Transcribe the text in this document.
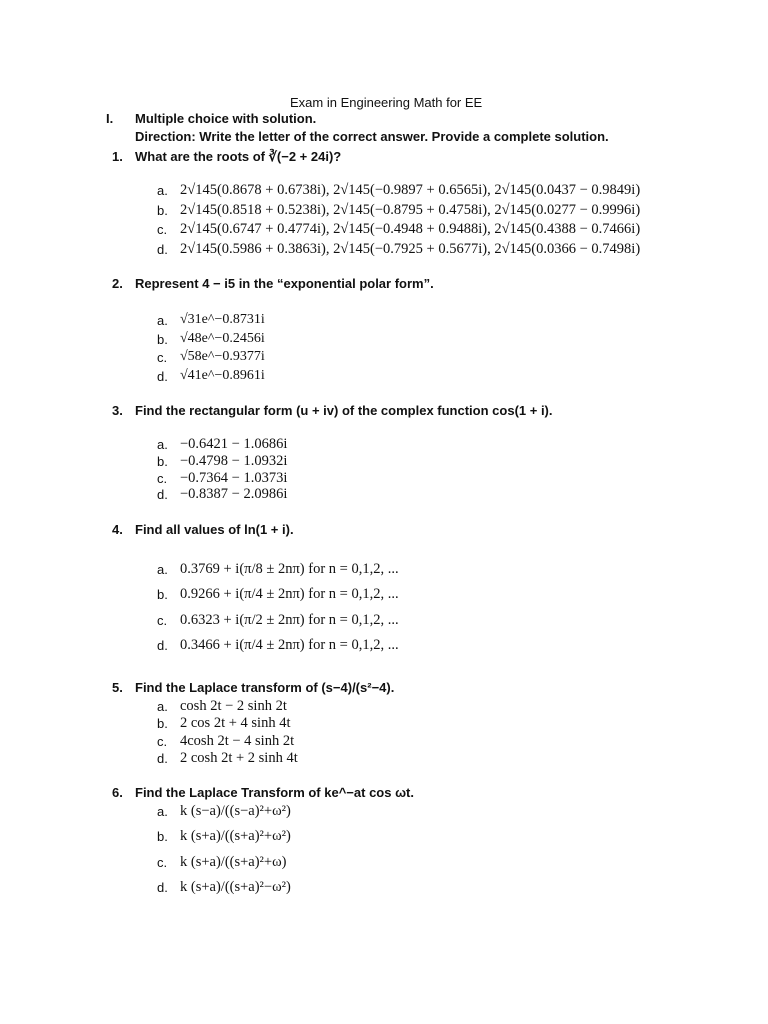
Exam in Engineering Math for EE
I. Multiple choice with solution.
Direction: Write the letter of the correct answer. Provide a complete solution.
1. What are the roots of ∛(−2 + 24i)?
a. 2√145(0.8678 + 0.6738i), 2√145(−0.9897 + 0.6565i), 2√145(0.0437 − 0.9849i)
b. 2√145(0.8518 + 0.5238i), 2√145(−0.8795 + 0.4758i), 2√145(0.0277 − 0.9996i)
c. 2√145(0.6747 + 0.4774i), 2√145(−0.4948 + 0.9488i), 2√145(0.4388 − 0.7466i)
d. 2√145(0.5986 + 0.3863i), 2√145(−0.7925 + 0.5677i), 2√145(0.0366 − 0.7498i)
2. Represent 4 − i5 in the “exponential polar form”.
a. √31e^−0.8731i
b. √48e^−0.2456i
c. √58e^−0.9377i
d. √41e^−0.8961i
3. Find the rectangular form (u + iv) of the complex function cos(1 + i).
a. −0.6421 − 1.0686i
b. −0.4798 − 1.0932i
c. −0.7364 − 1.0373i
d. −0.8387 − 2.0986i
4. Find all values of ln(1 + i).
a. 0.3769 + i(π/8 ± 2nπ) for n = 0,1,2, ...
b. 0.9266 + i(π/4 ± 2nπ) for n = 0,1,2, ...
c. 0.6323 + i(π/2 ± 2nπ) for n = 0,1,2, ...
d. 0.3466 + i(π/4 ± 2nπ) for n = 0,1,2, ...
5. Find the Laplace transform of (s−4)/(s²−4).
a. cosh 2t − 2 sinh 2t
b. 2 cos 2t + 4 sinh 4t
c. 4cosh 2t − 4 sinh 2t
d. 2 cosh 2t + 2 sinh 4t
6. Find the Laplace Transform of ke^−at cos ωt.
a. k (s−a)/((s−a)²+ω²)
b. k (s+a)/((s+a)²+ω²)
c. k (s+a)/((s+a)²+ω)
d. k (s+a)/((s+a)²−ω²)
